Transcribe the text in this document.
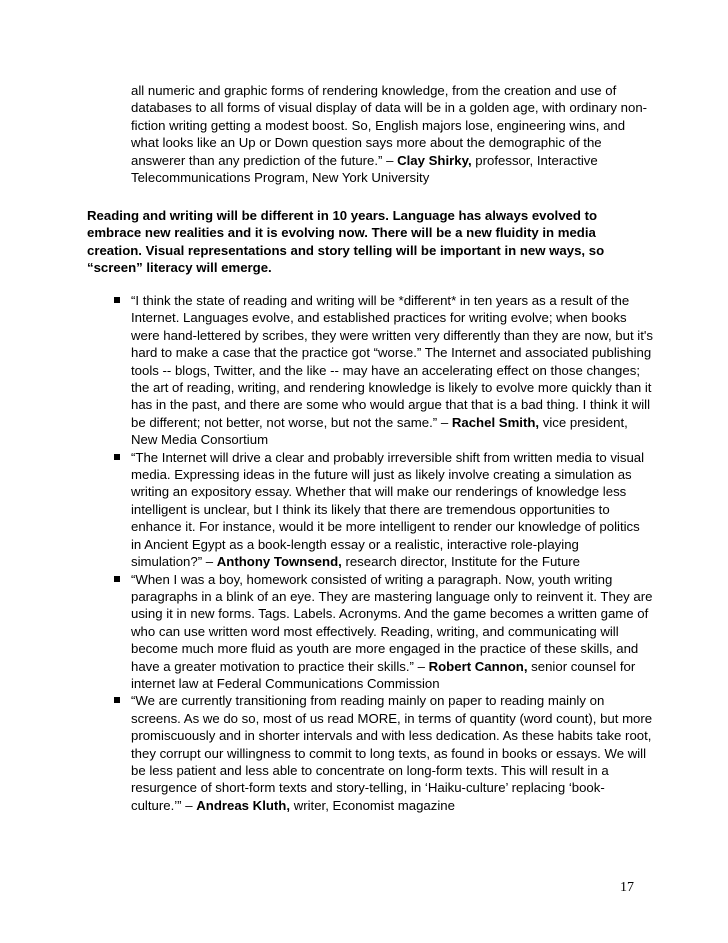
all numeric and graphic forms of rendering knowledge, from the creation and use of databases to all forms of visual display of data will be in a golden age, with ordinary non-fiction writing getting a modest boost. So, English majors lose, engineering wins, and what looks like an Up or Down question says more about the demographic of the answerer than any prediction of the future.” – Clay Shirky, professor, Interactive Telecommunications Program, New York University

Reading and writing will be different in 10 years. Language has always evolved to embrace new realities and it is evolving now. There will be a new fluidity in media creation. Visual representations and story telling will be important in new ways, so “screen” literacy will emerge.

“I think the state of reading and writing will be *different* in ten years as a result of the Internet. Languages evolve, and established practices for writing evolve; when books were hand-lettered by scribes, they were written very differently than they are now, but it's hard to make a case that the practice got “worse.” The Internet and associated publishing tools -- blogs, Twitter, and the like -- may have an accelerating effect on those changes; the art of reading, writing, and rendering knowledge is likely to evolve more quickly than it has in the past, and there are some who would argue that that is a bad thing. I think it will be different; not better, not worse, but not the same.” – Rachel Smith, vice president, New Media Consortium
“The Internet will drive a clear and probably irreversible shift from written media to visual media. Expressing ideas in the future will just as likely involve creating a simulation as writing an expository essay. Whether that will make our renderings of knowledge less intelligent is unclear, but I think its likely that there are tremendous opportunities to enhance it. For instance, would it be more intelligent to render our knowledge of politics in Ancient Egypt as a book-length essay or a realistic, interactive role-playing simulation?” – Anthony Townsend, research director, Institute for the Future
“When I was a boy, homework consisted of writing a paragraph. Now, youth writing paragraphs in a blink of an eye. They are mastering language only to reinvent it. They are using it in new forms. Tags. Labels. Acronyms. And the game becomes a written game of who can use written word most effectively. Reading, writing, and communicating will become much more fluid as youth are more engaged in the practice of these skills, and have a greater motivation to practice their skills.” – Robert Cannon, senior counsel for internet law at Federal Communications Commission
“We are currently transitioning from reading mainly on paper to reading mainly on screens. As we do so, most of us read MORE, in terms of quantity (word count), but more promiscuously and in shorter intervals and with less dedication. As these habits take root, they corrupt our willingness to commit to long texts, as found in books or essays. We will be less patient and less able to concentrate on long-form texts. This will result in a resurgence of short-form texts and story-telling, in ‘Haiku-culture’ replacing ‘book-culture.’” – Andreas Kluth, writer, Economist magazine
17
